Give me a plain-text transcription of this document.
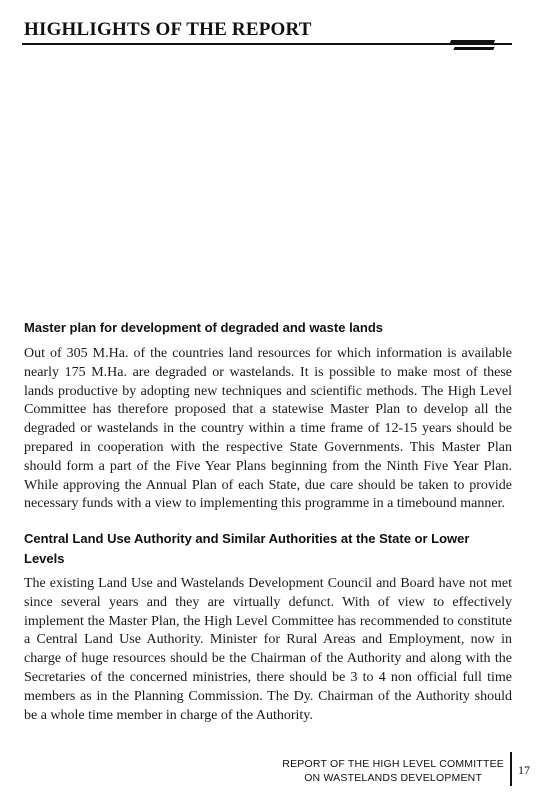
HIGHLIGHTS OF THE REPORT
Master plan for development of degraded and waste lands

Out of 305 M.Ha. of the countries land resources for which information is available nearly 175 M.Ha. are degraded or wastelands. It is possible to make most of these lands productive by adopting new techniques and scientific methods. The High Level Committee has therefore proposed that a statewise Master Plan to develop all the degraded or wastelands in the country within a time frame of 12-15 years should be prepared in cooperation with the respective State Governments. This Master Plan should form a part of the Five Year Plans beginning from the Ninth Five Year Plan. While approving the Annual Plan of each State, due care should be taken to provide necessary funds with a view to implementing this programme in a timebound manner.

Central Land Use Authority and Similar Authorities at the State or Lower Levels

The existing Land Use and Wastelands Development Council and Board have not met since several years and they are virtually defunct. With of view to effectively implement the Master Plan, the High Level Committee has recommended to constitute a Central Land Use Authority. Minister for Rural Areas and Employment, now in charge of huge resources should be the Chairman of the Authority and along with the Secretaries of the concerned ministries, there should be 3 to 4 non official full time members as in the Planning Commission. The Dy. Chairman of the Authority should be a whole time member in charge of the Authority.

REPORT OF THE HIGH LEVEL COMMITTEE
ON WASTELANDS DEVELOPMENT
17
